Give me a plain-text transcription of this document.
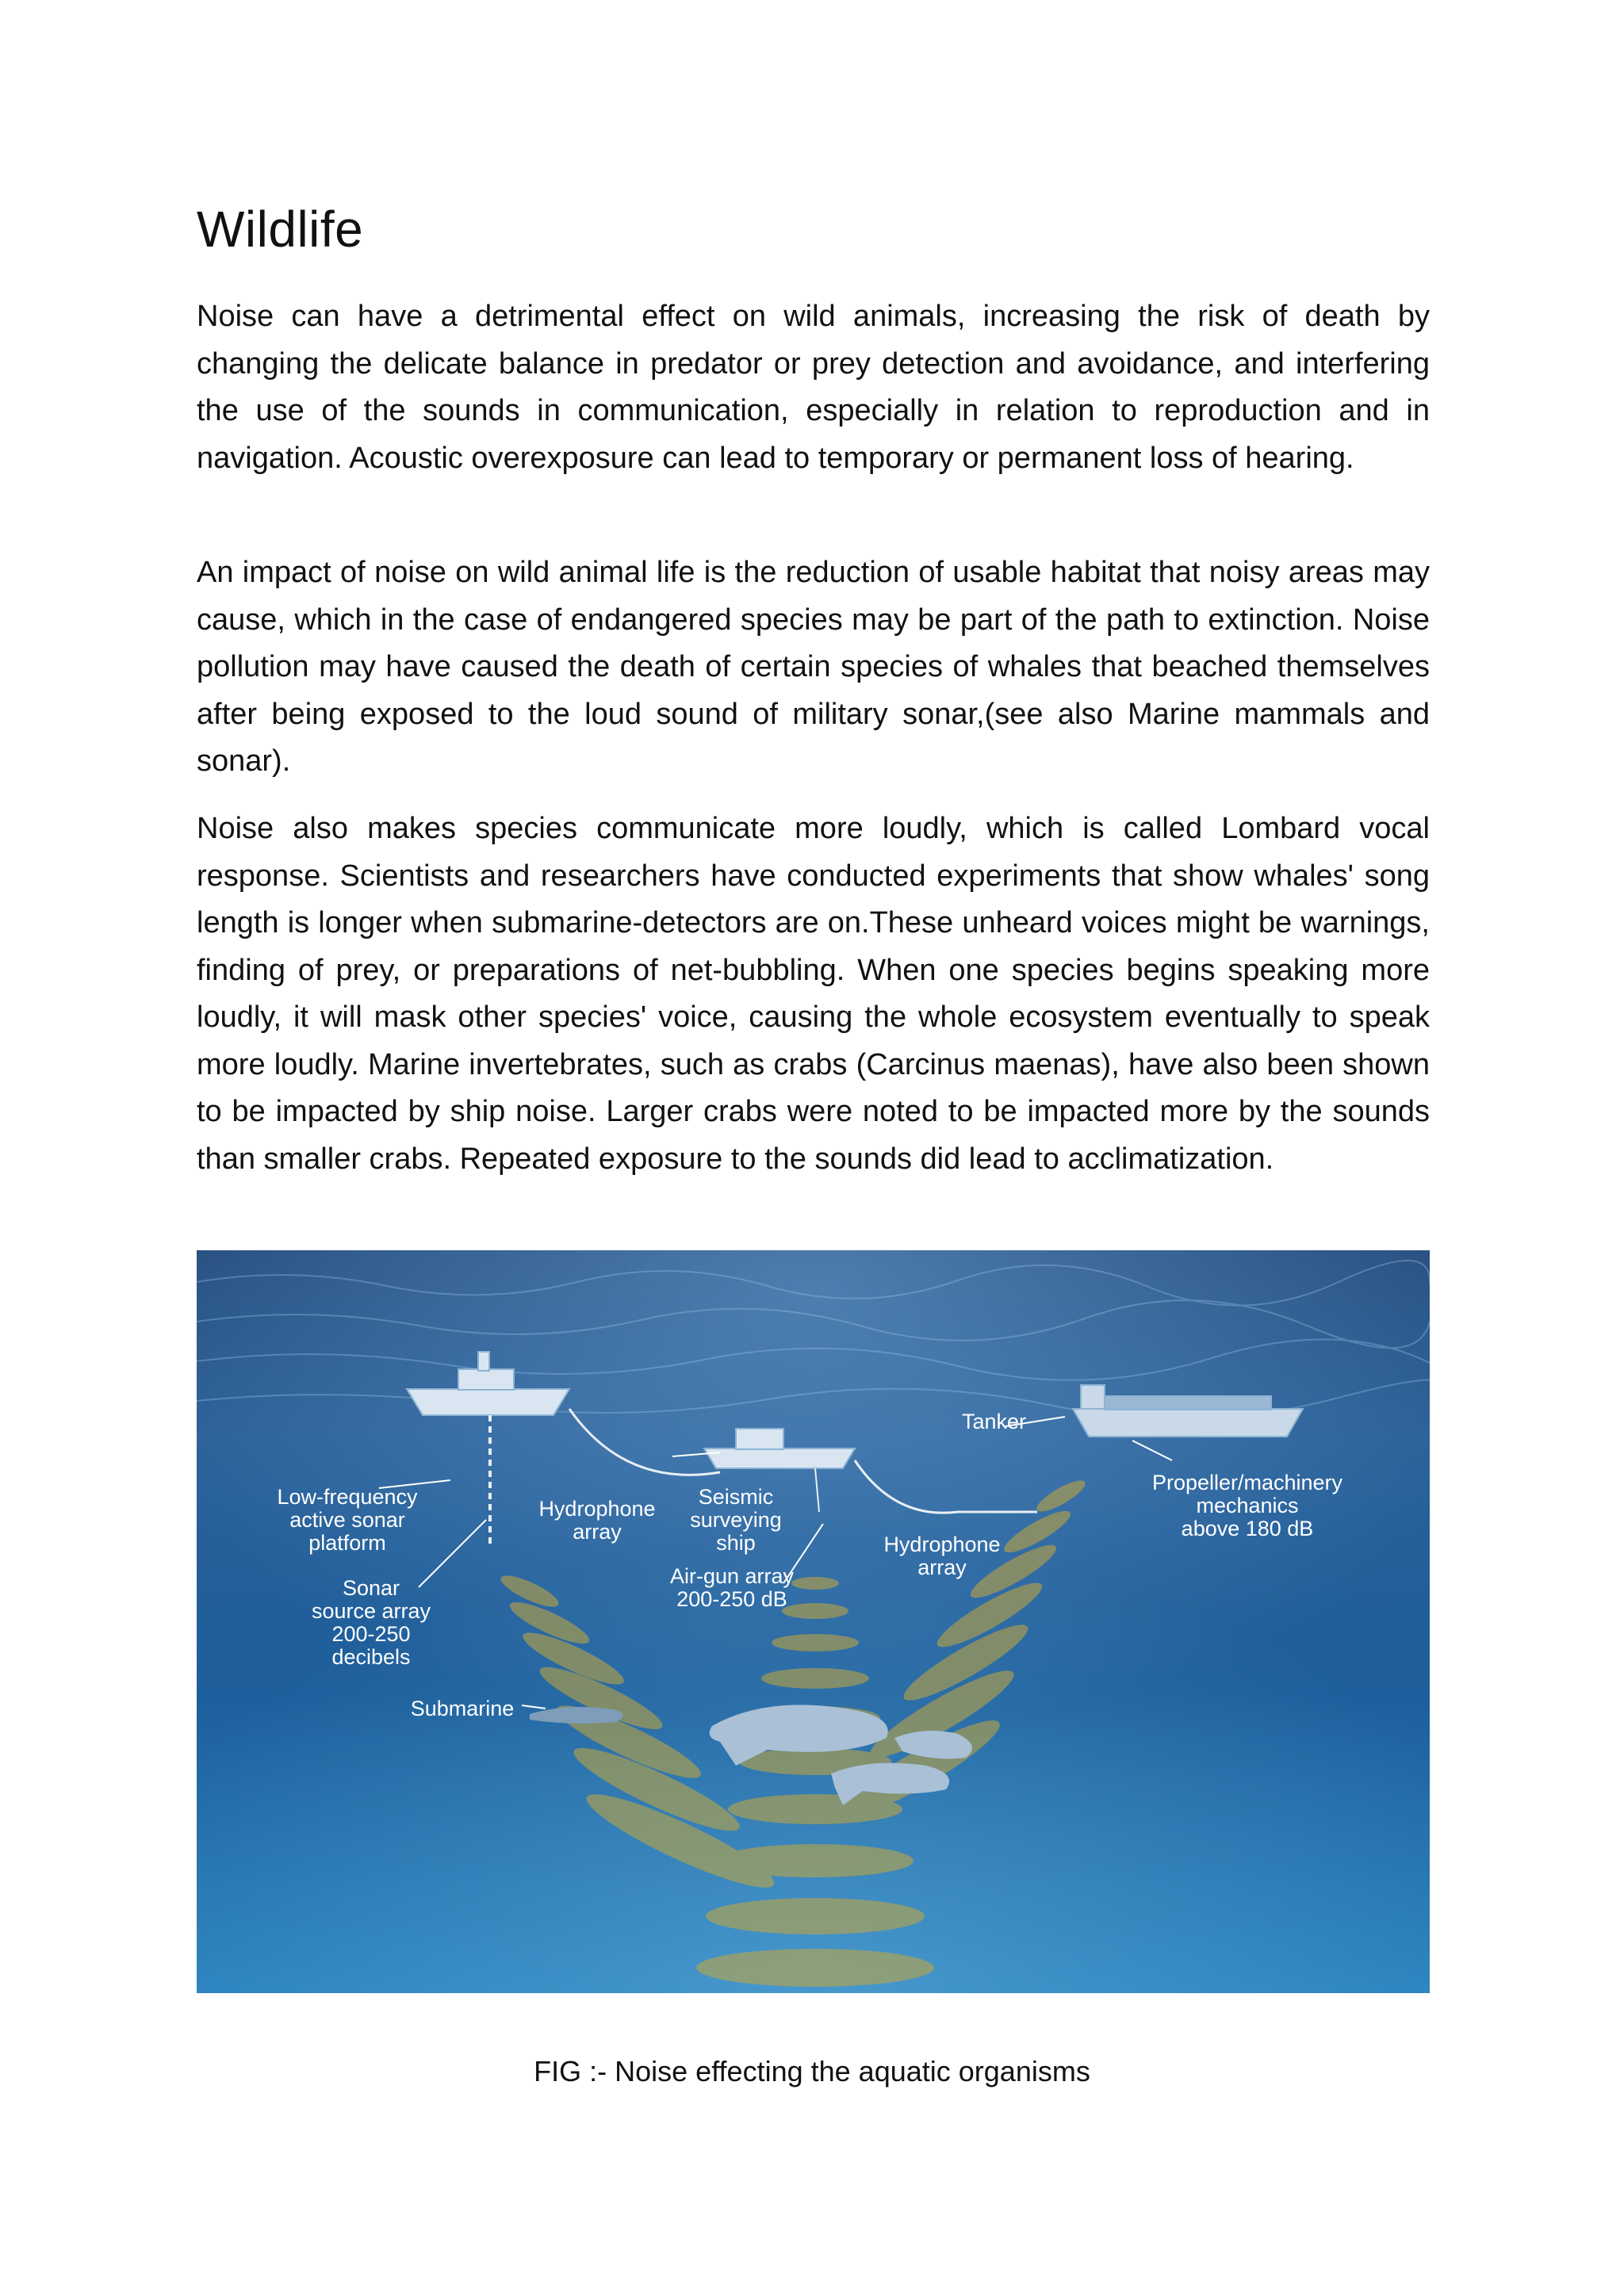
Wildlife

Noise can have a detrimental effect on wild animals, increasing the risk of death by changing the delicate balance in predator or prey detection and avoidance, and interfering the use of the sounds in communication, especially in relation to reproduction and in navigation. Acoustic overexposure can lead to temporary or permanent loss of hearing.

An impact of noise on wild animal life is the reduction of usable habitat that noisy areas may cause, which in the case of endangered species may be part of the path to extinction. Noise pollution may have caused the death of certain species of whales that beached themselves after being exposed to the loud sound of military sonar,(see also Marine mammals and sonar).

Noise also makes species communicate more loudly, which is called Lombard vocal response. Scientists and researchers have conducted experiments that show whales' song length is longer when submarine-detectors are on.These unheard voices might be warnings, finding of prey, or preparations of net-bubbling. When one species begins speaking more loudly, it will mask other species' voice, causing the whole ecosystem eventually to speak more loudly. Marine invertebrates, such as crabs (Carcinus maenas), have also been shown to be impacted by ship noise. Larger crabs were noted to be impacted more by the sounds than smaller crabs. Repeated exposure to the sounds did lead to acclimatization.

Tanker
Propeller/machinery
mechanics
above 180 dB
Low-frequency
active sonar
platform
Hydrophone
array
Seismic
surveying
ship	Hydrophone
array
Air-gun array
200-250 dB
Sonar
source array
200-250
decibels
Submarine

FIG :- Noise effecting the aquatic organisms
